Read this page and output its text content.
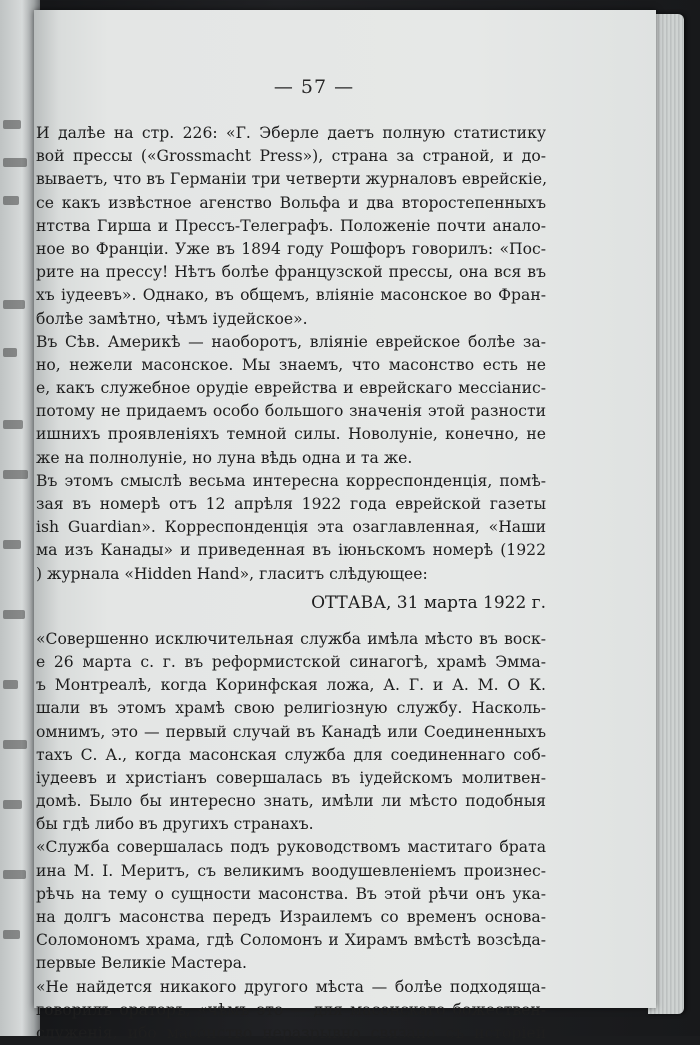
— 57 —
И далѣе на стр. 226: «Г. Эберле даетъ полную статистику
вой прессы («Grossmacht Press»), страна за страной, и до-
вываетъ, что въ Германіи три четверти журналовъ еврейскіе,
се какъ извѣстное агенство Вольфа и два второстепенныхъ
нтства Гирша и Прессъ-Телеграфъ. Положеніе почти анало-
ное во Франціи. Уже въ 1894 году Рошфоръ говорилъ: «Пос-
рите на прессу! Нѣтъ болѣе французской прессы, она вся въ
хъ іудеевъ». Однако, въ общемъ, вліяніе масонское во Фран-
болѣе замѣтно, чѣмъ іудейское».
Въ Сѣв. Америкѣ — наоборотъ, вліяніе еврейское болѣе за-
но, нежели масонское. Мы знаемъ, что масонство есть не
е, какъ служебное орудіе еврейства и еврейскаго мессіанис-
потому не придаемъ особо большого значенія этой разности
ишнихъ проявленіяхъ темной силы. Новолуніе, конечно, не
же на полнолуніе, но луна вѣдь одна и та же.
Въ этомъ смыслѣ весьма интересна корреспонденція, помѣ-
зая въ номерѣ отъ 12 апрѣля 1922 года еврейской газеты
ish Guardian». Корреспонденція эта озаглавленная, «Наши
ма изъ Канады» и приведенная въ іюньскомъ номерѣ (1922
) журнала «Hidden Hand», гласитъ слѣдующее:
ОТТАВА, 31 марта 1922 г.
«Совершенно исключительная служба имѣла мѣсто въ воск-
е 26 марта с. г. въ реформистской синагогѣ, храмѣ Эмма-
ъ Монтреалѣ, когда Коринфская ложа, А. Г. и А. М. О К.
шали въ этомъ храмѣ свою религіозную службу. Насколь-
омнимъ, это — первый случай въ Канадѣ или Соединенныхъ
тахъ С. А., когда масонская служба для соединеннаго соб-
іудеевъ и христіанъ совершалась въ іудейскомъ молитвен-
домѣ. Было бы интересно знать, имѣли ли мѣсто подобныя
бы гдѣ либо въ другихъ странахъ.
«Служба совершалась подъ руководствомъ маститаго брата
ина М. І. Меритъ, съ великимъ воодушевленіемъ произнес-
рѣчь на тему о сущности масонства. Въ этой рѣчи онъ ука-
на долгъ масонства передъ Израилемъ со временъ основа-
Соломономъ храма, гдѣ Соломонъ и Хирамъ вмѣстѣ возсѣда-
первые Великіе Мастера.
«Не найдется никакого другого мѣста — болѣе подходяща-
говорилъ ораторъ, «чѣмъ это — для масонскаго божествен-
служенія, ибо масонство неразрывно связано съ исторіей
